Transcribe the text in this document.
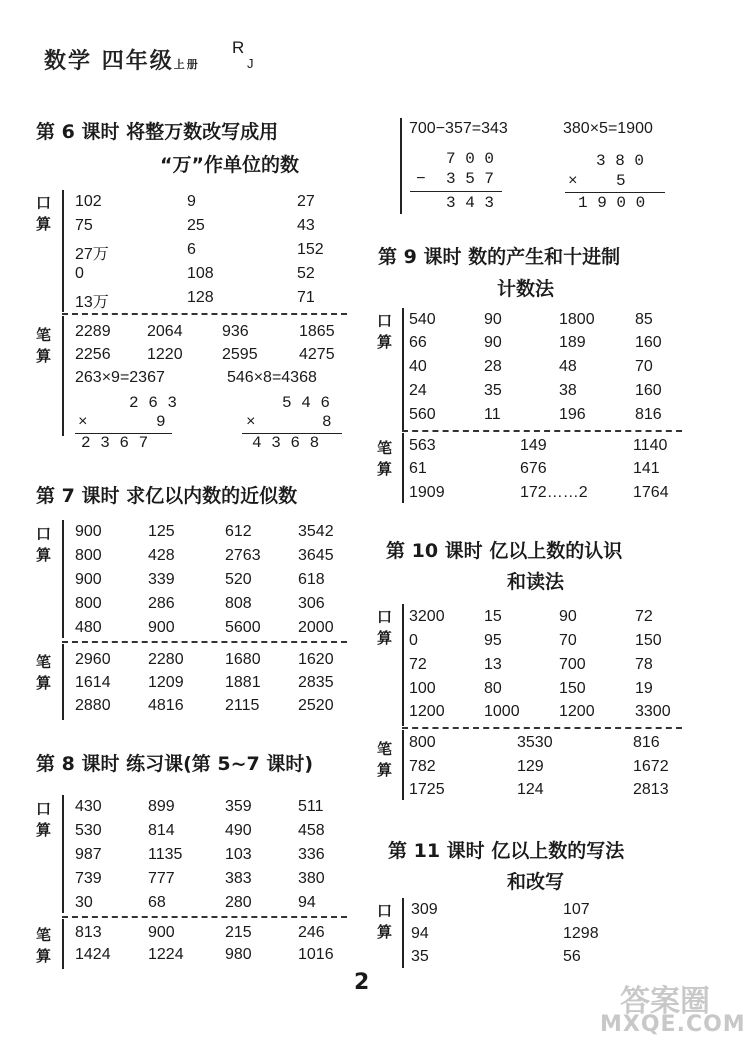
数学 四年级上册
R
J
第 6 课时 将整万数改写成用
“万”作单位的数
口
算
102	9	27
75	25	43
27万	6	152
0	108	52
13万	128	71
笔
算
2289 2064 936	1865
2256 1220 2595	4275
263×9=2367	546×8=4368
2 6 3
×	9
2 3 6 7
5 4 6
×	8
4 3 6 8
第 7 课时 求亿以内数的近似数
口
算
900	125	612	3542
800	428	2763 3645
900	339	520	618
800	286	808	306
480	900	5600 2000
笔
算
2960 2280	1680 1620
1614 1209	1881 2835
2880 4816	2115 2520
第 8 课时 练习课(第 5~7 课时)
口
算
430	899	359	511
530	814	490	458
987	1135	103	336
739	777	383	380
30	68	280	94
笔
算
813	900	215	246
1424 1224	980	1016
700−357=343	380×5=1900
7 0 0
− 3 5 7
3 4 3
3 8 0
× 5
1 9 0 0
第 9 课时 数的产生和十进制
计数法
口
算
540	90	1800	85
66	90	189	160
40	28	48	70
24	35	38	160
560	11	196	816
笔
算
563	149	1140
61	676	141
1909	172……2	1764
第 10 课时 亿以上数的认识
和读法
口
算
3200 15	90	72
0	95	70	150
72	13	700	78
100	80	150	19
1200 1000 1200	3300
笔
算
800	3530	816
782	129	1672
1725	124	2813
第 11 课时 亿以上数的写法
和改写
口
算
309	107
94	1298
35	56
2
答案圈
MXQE.COM
